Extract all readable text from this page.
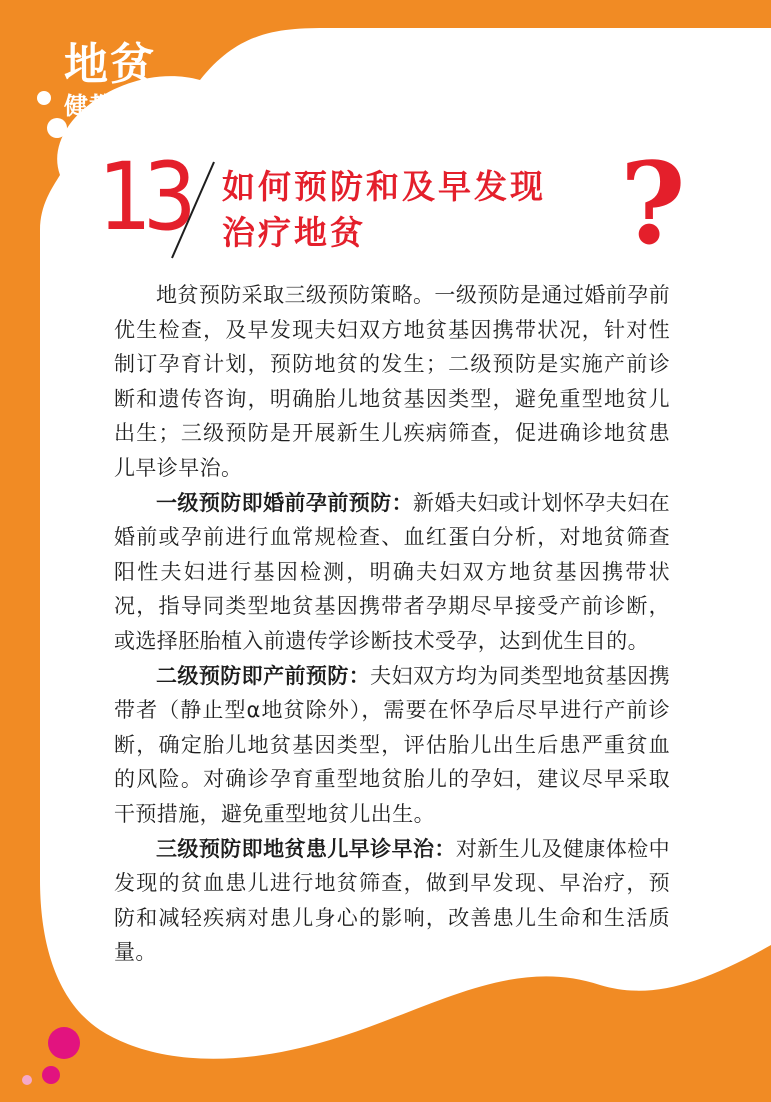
地贫
健教知识
13 如何预防和及早发现
治疗地贫	?

地贫预防采取三级预防策略。一级预防是通过婚前孕前优生检查，及早发现夫妇双方地贫基因携带状况，针对性制订孕育计划，预防地贫的发生；二级预防是实施产前诊断和遗传咨询，明确胎儿地贫基因类型，避免重型地贫儿出生；三级预防是开展新生儿疾病筛查，促进确诊地贫患儿早诊早治。

一级预防即婚前孕前预防：新婚夫妇或计划怀孕夫妇在婚前或孕前进行血常规检查、血红蛋白分析，对地贫筛查阳性夫妇进行基因检测，明确夫妇双方地贫基因携带状况，指导同类型地贫基因携带者孕期尽早接受产前诊断，或选择胚胎植入前遗传学诊断技术受孕，达到优生目的。

二级预防即产前预防：夫妇双方均为同类型地贫基因携带者（静止型α地贫除外），需要在怀孕后尽早进行产前诊断，确定胎儿地贫基因类型，评估胎儿出生后患严重贫血的风险。对确诊孕育重型地贫胎儿的孕妇，建议尽早采取干预措施，避免重型地贫儿出生。

三级预防即地贫患儿早诊早治：对新生儿及健康体检中发现的贫血患儿进行地贫筛查，做到早发现、早治疗，预防和减轻疾病对患儿身心的影响，改善患儿生命和生活质量。
